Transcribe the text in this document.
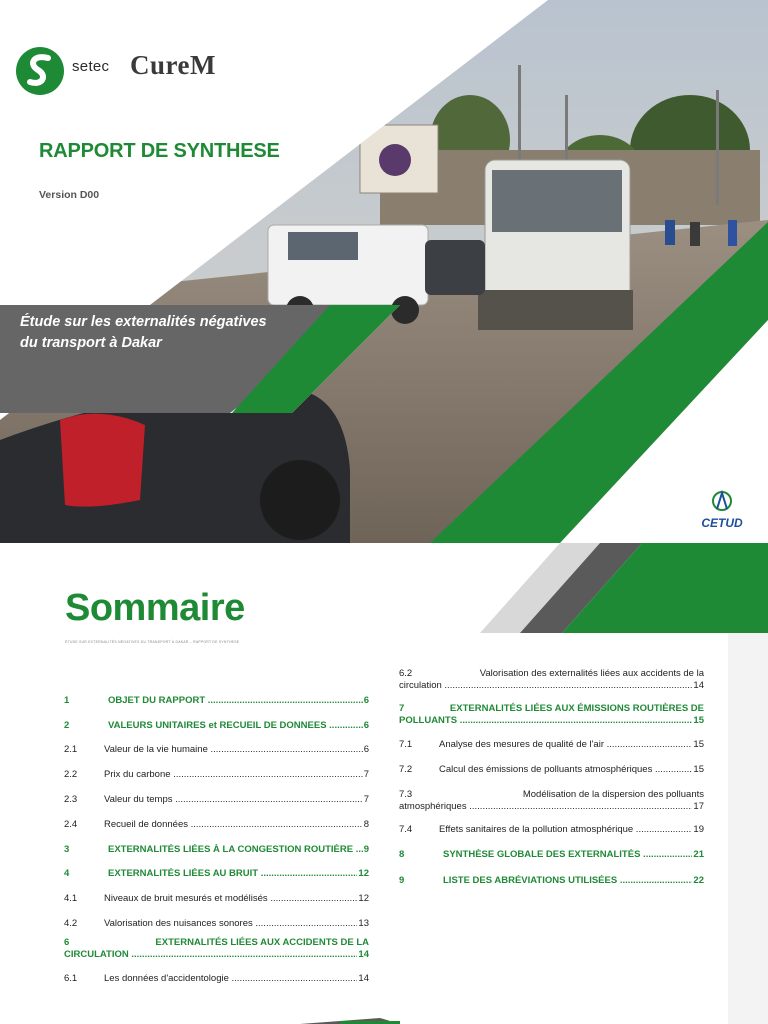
setec CureM
RAPPORT DE SYNTHESE
Version D00
Étude sur les externalités négatives
du transport à Dakar
CETUD
Sommaire
ÉTUDE SUR EXTERNALITÉS NÉGATIVES DU TRANSPORT À DAKAR – RAPPORT DE SYNTHESE
1	OBJET DU RAPPORT .....	6
2	VALEURS UNITAIRES et RECUEIL DE DONNEES .....	6
2.1	Valeur de la vie humaine .....	6
2.2	Prix du carbone .....	7
2.3	Valeur du temps .....	7
2.4	Recueil de données .....	8
3	EXTERNALITÉS LIÉES À LA CONGESTION ROUTIÈRE .....	9
4	EXTERNALITÉS LIÉES AU BRUIT .....	12
4.1	Niveaux de bruit mesurés et modélisés .....	12
4.2	Valorisation des nuisances sonores .....	13
6	EXTERNALITÉS LIÉES AUX ACCIDENTS DE LA
CIRCULATION .....	14
6.1	Les données d'accidentologie .....	14
6.2	Valorisation des externalités liées aux accidents de la
circulation .....	14
7	EXTERNALITÉS LIÉES AUX ÉMISSIONS ROUTIÈRES DE
POLLUANTS .....	15
7.1	Analyse des mesures de qualité de l'air .....	15
7.2	Calcul des émissions de polluants atmosphériques .....	15
7.3	Modélisation de la dispersion des polluants
atmosphériques .....	17
7.4	Effets sanitaires de la pollution atmosphérique .....	19
8	SYNTHÈSE GLOBALE DES EXTERNALITÉS .....	21
9	LISTE DES ABRÉVIATIONS UTILISÉES .....	22
